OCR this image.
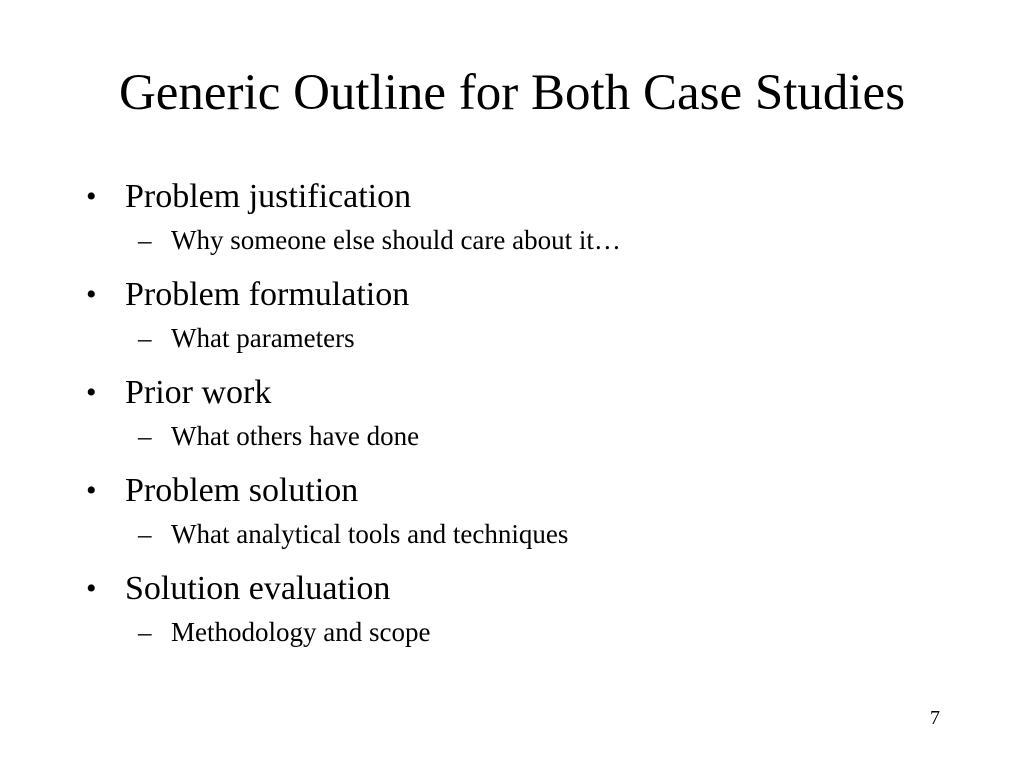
Generic Outline for Both Case Studies
• Problem justification
– Why someone else should care about it…
• Problem formulation
– What parameters
• Prior work
– What others have done
• Problem solution
– What analytical tools and techniques
• Solution evaluation
– Methodology and scope
7
